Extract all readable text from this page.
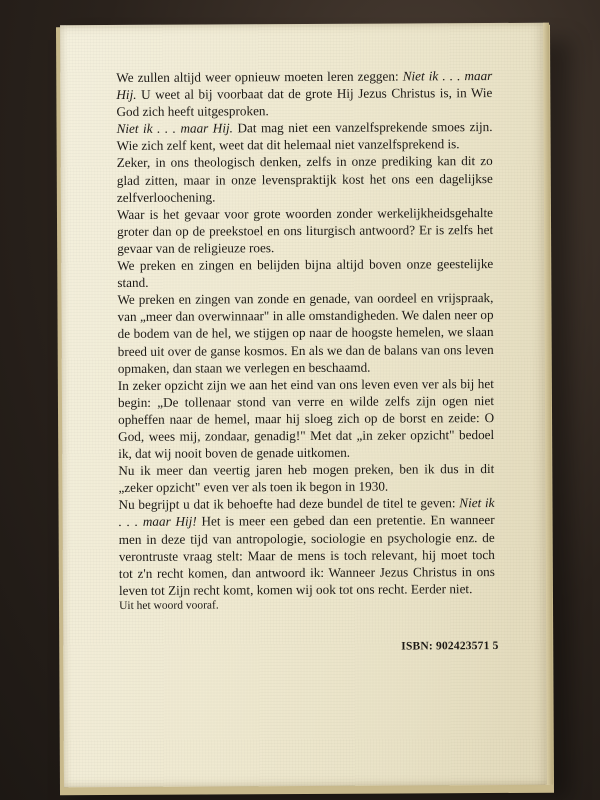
We zullen altijd weer opnieuw moeten leren zeggen: Niet ik . . . maar Hij. U weet al bij voorbaat dat de grote Hij Jezus Christus is, in Wie God zich heeft uitgesproken.

Niet ik . . . maar Hij. Dat mag niet een vanzelfsprekende smoes zijn. Wie zich zelf kent, weet dat dit helemaal niet vanzelfsprekend is.

Zeker, in ons theologisch denken, zelfs in onze prediking kan dit zo glad zitten, maar in onze levenspraktijk kost het ons een dagelijkse zelfverloochening.

Waar is het gevaar voor grote woorden zonder werkelijkheidsgehalte groter dan op de preekstoel en ons liturgisch antwoord? Er is zelfs het gevaar van de religieuze roes.

We preken en zingen en belijden bijna altijd boven onze geestelijke stand.

We preken en zingen van zonde en genade, van oordeel en vrijspraak, van „meer dan overwinnaar" in alle omstandigheden. We dalen neer op de bodem van de hel, we stijgen op naar de hoogste hemelen, we slaan breed uit over de ganse kosmos. En als we dan de balans van ons leven opmaken, dan staan we verlegen en beschaamd.

In zeker opzicht zijn we aan het eind van ons leven even ver als bij het begin: „De tollenaar stond van verre en wilde zelfs zijn ogen niet opheffen naar de hemel, maar hij sloeg zich op de borst en zeide: O God, wees mij, zondaar, genadig!" Met dat „in zeker opzicht" bedoel ik, dat wij nooit boven de genade uitkomen.

Nu ik meer dan veertig jaren heb mogen preken, ben ik dus in dit „zeker opzicht" even ver als toen ik begon in 1930.

Nu begrijpt u dat ik behoefte had deze bundel de titel te geven: Niet ik . . . maar Hij! Het is meer een gebed dan een pretentie. En wanneer men in deze tijd van antropologie, sociologie en psychologie enz. de verontruste vraag stelt: Maar de mens is toch relevant, hij moet toch tot z'n recht komen, dan antwoord ik: Wanneer Jezus Christus in ons leven tot Zijn recht komt, komen wij ook tot ons recht. Eerder niet.

Uit het woord vooraf.
ISBN: 902423571 5
